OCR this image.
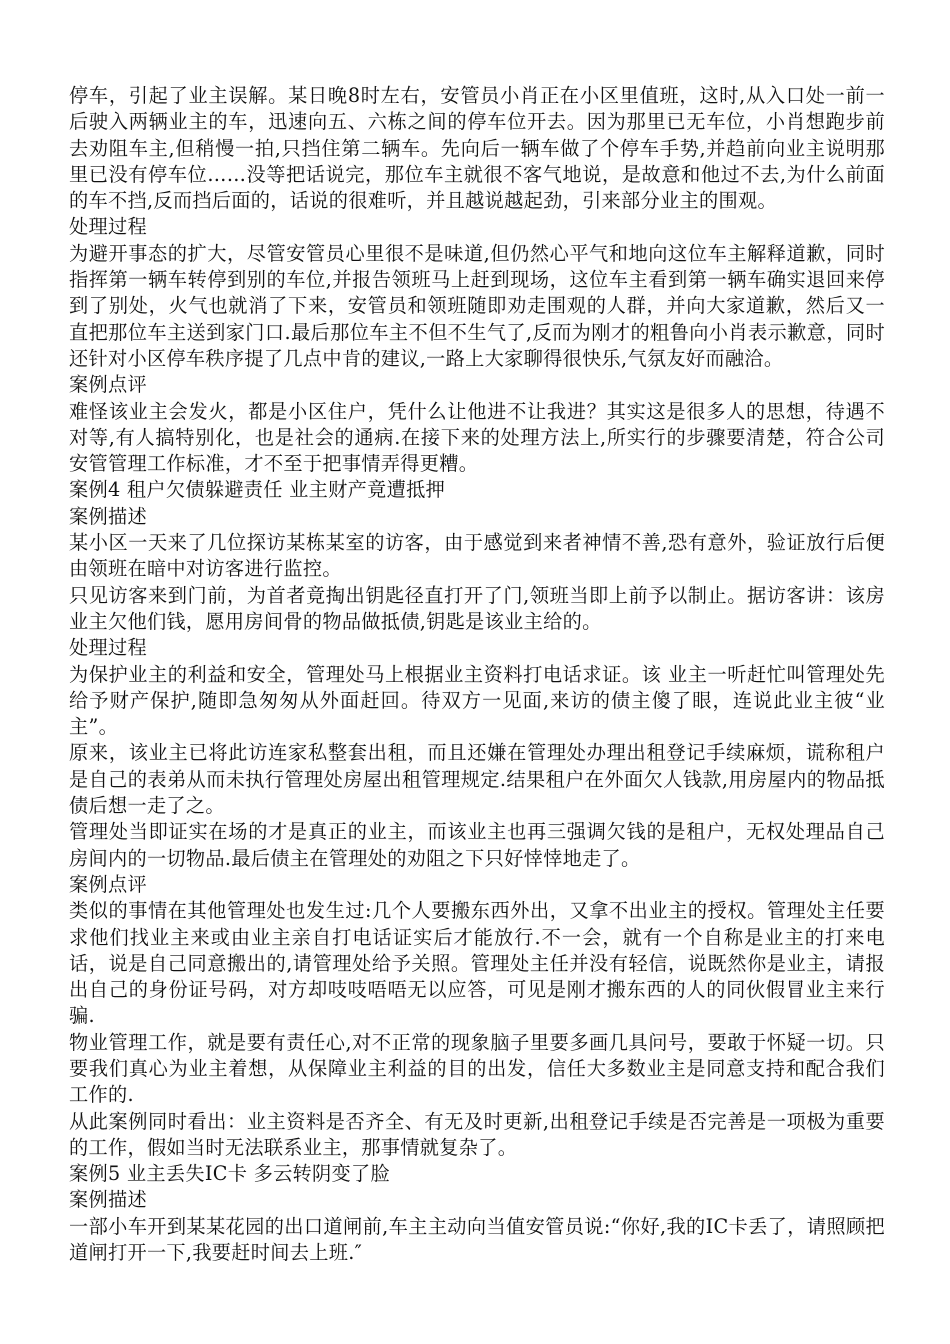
停车，引起了业主误解。某日晚8时左右，安管员小肖正在小区里值班，这时,从入口处一前一后驶入两辆业主的车，迅速向五、六栋之间的停车位开去。因为那里已无车位，小肖想跑步前去劝阻车主,但稍慢一拍,只挡住第二辆车。先向后一辆车做了个停车手势,并趋前向业主说明那里已没有停车位……没等把话说完，那位车主就很不客气地说，是故意和他过不去,为什么前面的车不挡,反而挡后面的，话说的很难听，并且越说越起劲，引来部分业主的围观。

处理过程

为避开事态的扩大，尽管安管员心里很不是味道,但仍然心平气和地向这位车主解释道歉，同时指挥第一辆车转停到别的车位,并报告领班马上赶到现场，这位车主看到第一辆车确实退回来停到了别处，火气也就消了下来，安管员和领班随即劝走围观的人群，并向大家道歉，然后又一直把那位车主送到家门口.最后那位车主不但不生气了,反而为刚才的粗鲁向小肖表示歉意，同时还针对小区停车秩序提了几点中肯的建议,一路上大家聊得很快乐,气氛友好而融洽。

案例点评

难怪该业主会发火，都是小区住户，凭什么让他进不让我进？其实这是很多人的思想，待遇不对等,有人搞特别化，也是社会的通病.在接下来的处理方法上,所实行的步骤要清楚，符合公司安管管理工作标准，才不至于把事情弄得更糟。

案例4 租户欠债躲避责任 业主财产竟遭抵押

案例描述

某小区一天来了几位探访某栋某室的访客，由于感觉到来者神情不善,恐有意外，验证放行后便由领班在暗中对访客进行监控。

只见访客来到门前，为首者竟掏出钥匙径直打开了门,领班当即上前予以制止。据访客讲：该房业主欠他们钱，愿用房间骨的物品做抵债,钥匙是该业主给的。

处理过程

为保护业主的利益和安全，管理处马上根据业主资料打电话求证。该 业主一听赶忙叫管理处先给予财产保护,随即急匆匆从外面赶回。待双方一见面,来访的债主傻了眼，连说此业主彼“业主”。

原来，该业主已将此访连家私整套出租，而且还嫌在管理处办理出租登记手续麻烦，谎称租户是自己的表弟从而未执行管理处房屋出租管理规定.结果租户在外面欠人钱款,用房屋内的物品抵债后想一走了之。

管理处当即证实在场的才是真正的业主，而该业主也再三强调欠钱的是租户，无权处理品自己房间内的一切物品.最后债主在管理处的劝阻之下只好悻悻地走了。

案例点评

类似的事情在其他管理处也发生过:几个人要搬东西外出，又拿不出业主的授权。管理处主任要求他们找业主来或由业主亲自打电话证实后才能放行.不一会，就有一个自称是业主的打来电话，说是自己同意搬出的,请管理处给予关照。管理处主任并没有轻信，说既然你是业主，请报出自己的身份证号码，对方却吱吱唔唔无以应答，可见是刚才搬东西的人的同伙假冒业主来行骗.

物业管理工作，就是要有责任心,对不正常的现象脑子里要多画几具问号，要敢于怀疑一切。只要我们真心为业主着想，从保障业主利益的目的出发，信任大多数业主是同意支持和配合我们工作的.

从此案例同时看出：业主资料是否齐全、有无及时更新,出租登记手续是否完善是一项极为重要的工作，假如当时无法联系业主，那事情就复杂了。

案例5 业主丢失IC卡 多云转阴变了脸

案例描述

一部小车开到某某花园的出口道闸前,车主主动向当值安管员说:“你好,我的IC卡丢了，请照顾把道闸打开一下,我要赶时间去上班.″
